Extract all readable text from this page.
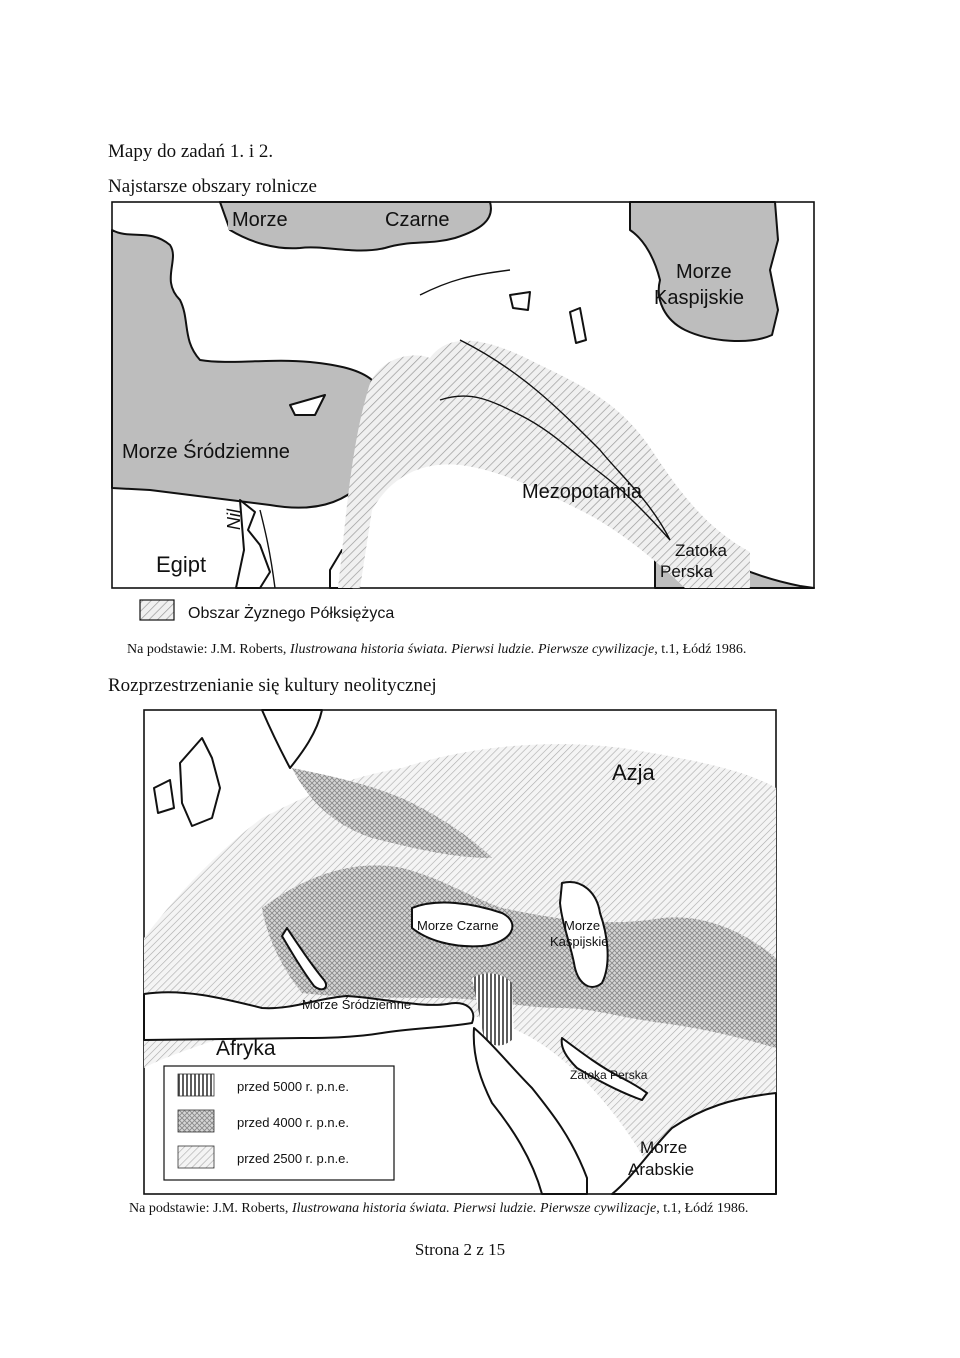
Mapy do zadań 1. i 2.
Najstarsze obszary rolnicze
Morze	Czarne
Morze
Kaspijskie
Morze Śródziemne
Egipt
Nil
Mezopotamia
Zatoka
Perska
Obszar Żyznego Półksiężyca
Na podstawie: J.M. Roberts, Ilustrowana historia świata. Pierwsi ludzie. Pierwsze cywilizacje, t.1, Łódź 1986.
Rozprzestrzenianie się kultury neolitycznej
Azja
Morze Czarne	Morze
Kaspijskie
Morze Śródziemne
Afryka
Zatoka Perska
Morze
Arabskie
przed 5000 r. p.n.e.
przed 4000 r. p.n.e.
przed 2500 r. p.n.e.
Na podstawie: J.M. Roberts, Ilustrowana historia świata. Pierwsi ludzie. Pierwsze cywilizacje, t.1, Łódź 1986.
Strona 2 z 15
